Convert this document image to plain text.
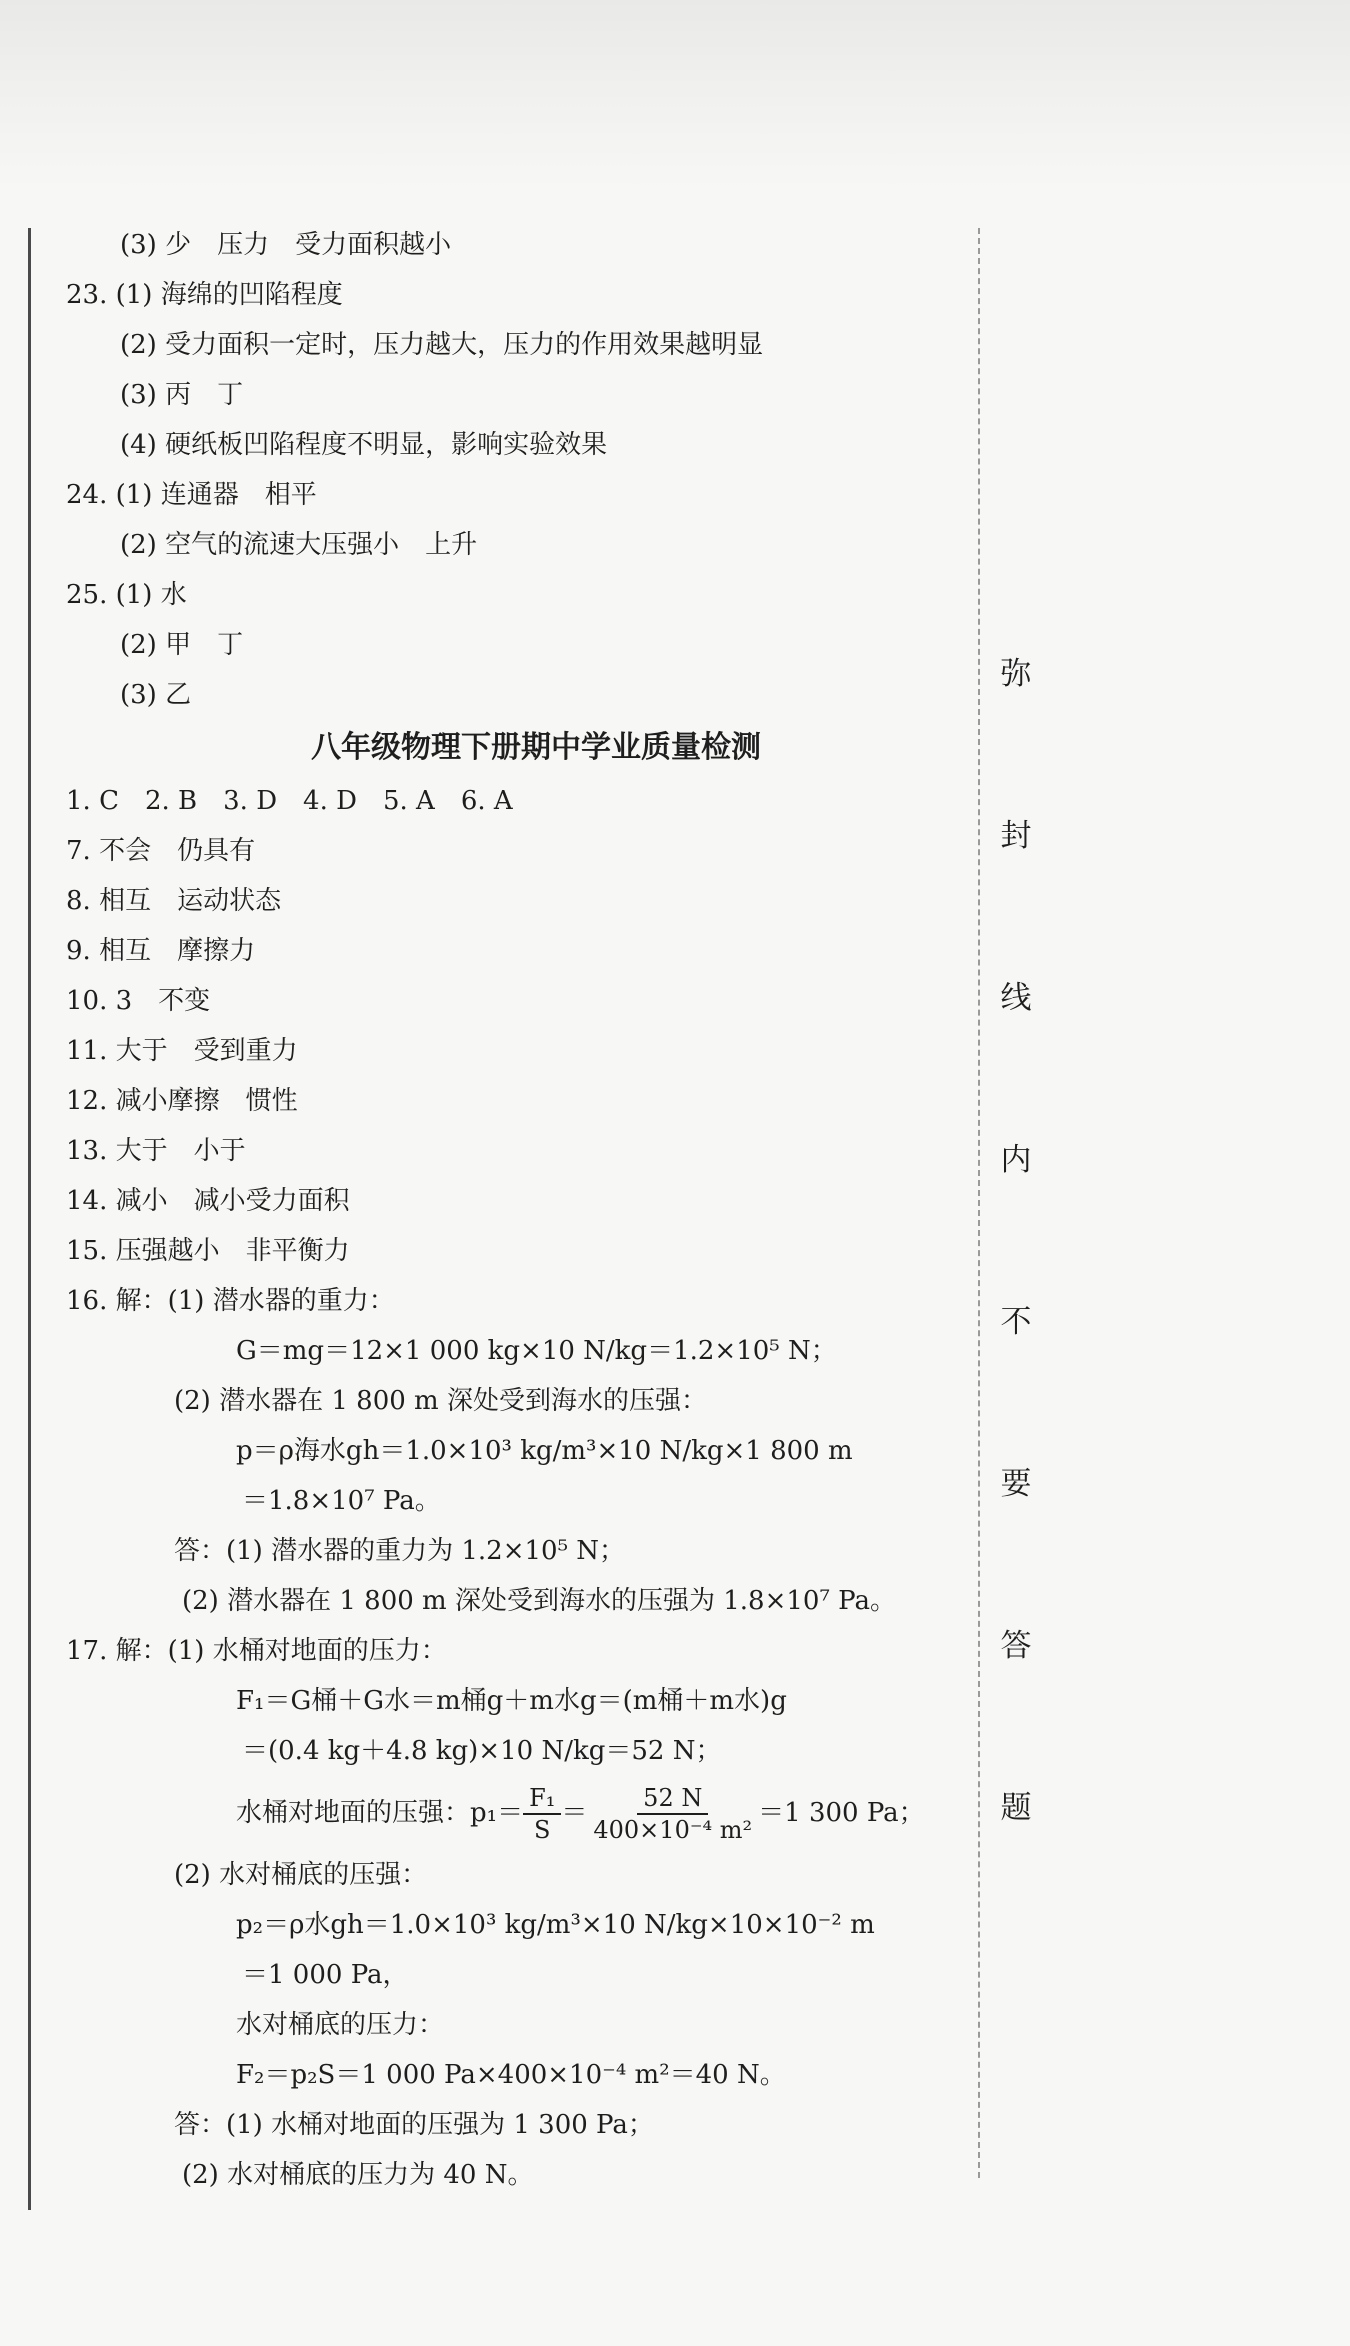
弥
封
线
内
不
要
答
题
(3) 少　压力　受力面积越小
23. (1) 海绵的凹陷程度
(2) 受力面积一定时，压力越大，压力的作用效果越明显
(3) 丙　丁
(4) 硬纸板凹陷程度不明显，影响实验效果
24. (1) 连通器　相平
(2) 空气的流速大压强小　上升
25. (1) 水
(2) 甲　丁
(3) 乙
八年级物理下册期中学业质量检测
1. C　2. B　3. D　4. D　5. A　6. A
7. 不会　仍具有
8. 相互　运动状态
9. 相互　摩擦力
10. 3　不变
11. 大于　受到重力
12. 减小摩擦　惯性
13. 大于　小于
14. 减小　减小受力面积
15. 压强越小　非平衡力
16. 解：(1) 潜水器的重力：
G＝mg＝12×1 000 kg×10 N/kg＝1.2×10⁵ N；
(2) 潜水器在 1 800 m 深处受到海水的压强：
p＝ρ海水gh＝1.0×10³ kg/m³×10 N/kg×1 800 m
＝1.8×10⁷ Pa。
答：(1) 潜水器的重力为 1.2×10⁵ N；
(2) 潜水器在 1 800 m 深处受到海水的压强为 1.8×10⁷ Pa。
17. 解：(1) 水桶对地面的压力：
F₁＝G桶＋G水＝m桶g＋m水g＝(m桶＋m水)g
＝(0.4 kg＋4.8 kg)×10 N/kg＝52 N；
水桶对地面的压强：$p_1= \frac{\text{F₁}}{S} = \frac{52 N}{\text{400×10⁻⁴ m²}} =1$ 300 Pa；
(2) 水对桶底的压强：
p₂＝ρ水gh＝1.0×10³ kg/m³×10 N/kg×10×10⁻² m
＝1 000 Pa，
水对桶底的压力：
F₂＝p₂S＝1 000 Pa×400×10⁻⁴ m²＝40 N。
答：(1) 水桶对地面的压强为 1 300 Pa；
(2) 水对桶底的压力为 40 N。
